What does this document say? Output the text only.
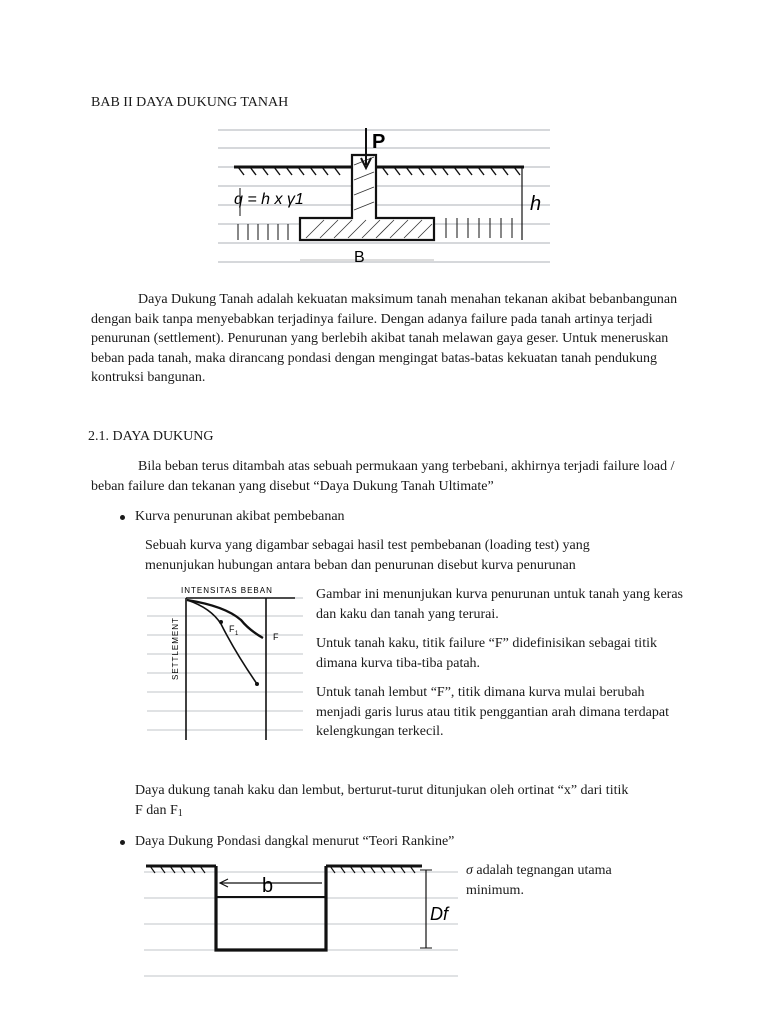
BAB II DAYA DUKUNG TANAH
P
q = h x γ1	h
B
Daya Dukung Tanah adalah kekuatan maksimum tanah menahan tekanan akibat bebanbangunan dengan baik tanpa menyebabkan terjadinya failure. Dengan adanya failure pada tanah artinya terjadi penurunan (settlement). Penurunan yang berlebih akibat tanah melawan gaya geser. Untuk meneruskan beban pada tanah, maka dirancang pondasi dengan mengingat batas-batas kekuatan tanah pendukung kontruksi bangunan.
2.1. DAYA DUKUNG
Bila beban terus ditambah atas sebuah permukaan yang terbebani, akhirnya terjadi failure load / beban failure dan tekanan yang disebut “Daya Dukung Tanah Ultimate”
Kurva penurunan akibat pembebanan
Sebuah kurva yang digambar sebagai hasil test pembebanan (loading test) yang menunjukan hubungan antara beban dan penurunan disebut kurva penurunan
INTENSITAS BEBAN
SETTLEMENT	F 1	F
Gambar ini menunjukan kurva penurunan untuk tanah yang keras dan kaku dan tanah yang terurai.
Untuk tanah kaku, titik failure “F” didefinisikan sebagai titik dimana kurva tiba-tiba patah.
Untuk tanah lembut “F”, titik dimana kurva mulai berubah menjadi garis lurus atau titik penggantian arah dimana terdapat kelengkungan terkecil.
Daya dukung tanah kaku dan lembut, berturut-turut ditunjukan oleh ortinat “x” dari titik
F dan $F_1$
Daya Dukung Pondasi dangkal menurut “Teori Rankine”
b
Df
σ adalah tegnangan utama minimum.
